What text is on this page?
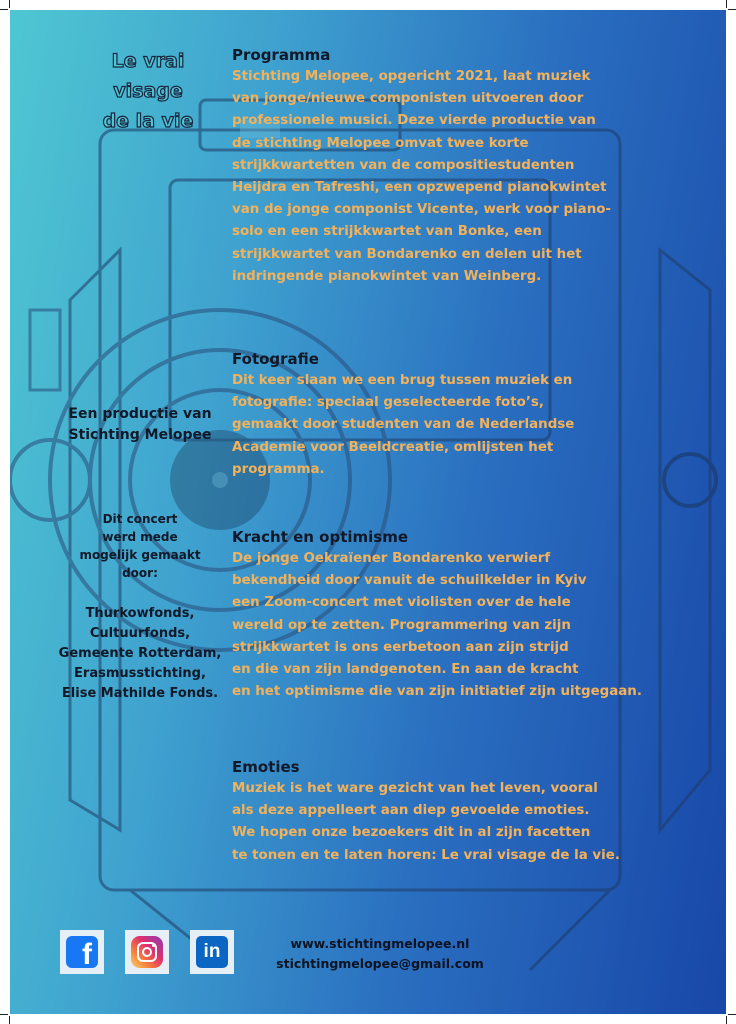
Le vrai
visage
de la vie
Een productie van
Stichting Melopee
Dit concert
werd mede
mogelijk gemaakt
door:
Thurkowfonds,
Cultuurfonds,
Gemeente Rotterdam,
Erasmusstichting,
Elise Mathilde Fonds.
Programma

Stichting Melopee, opgericht 2021, laat muziek
van jonge/nieuwe componisten uitvoeren door
professionele musici. Deze vierde productie van
de stichting Melopee omvat twee korte
strijkkwartetten van de compositiestudenten
Heijdra en Tafreshi, een opzwepend pianokwintet
van de jonge componist Vicente, werk voor piano-
solo en een strijkkwartet van Bonke, een
strijkkwartet van Bondarenko en delen uit het
indringende pianokwintet van Weinberg.

Fotografie

Dit keer slaan we een brug tussen muziek en
fotografie: speciaal geselecteerde foto’s,
gemaakt door studenten van de Nederlandse
Academie voor Beeldcreatie, omlijsten het
programma.

Kracht en optimisme

De jonge Oekraïener Bondarenko verwierf
bekendheid door vanuit de schuilkelder in Kyiv
een Zoom-concert met violisten over de hele
wereld op te zetten. Programmering van zijn
strijkkwartet is ons eerbetoon aan zijn strijd
en die van zijn landgenoten. En aan de kracht
en het optimisme die van zijn initiatief zijn uitgegaan.

Emoties

Muziek is het ware gezicht van het leven, vooral
als deze appelleert aan diep gevoelde emoties.
We hopen onze bezoekers dit in al zijn facetten
te tonen en te laten horen: Le vrai visage de la vie.

f	in	www.stichtingmelopee.nl
stichtingmelopee@gmail.com
